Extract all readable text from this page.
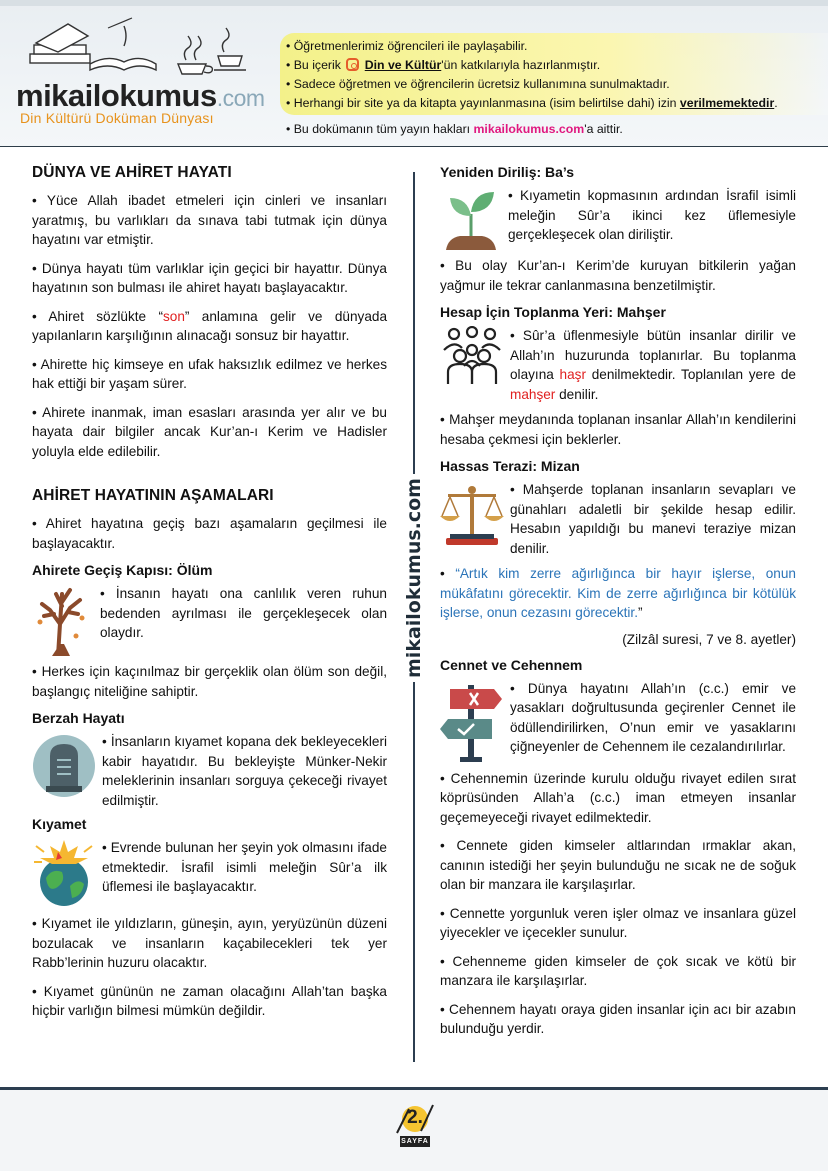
mikailokumus.com
Din Kültürü Doküman Dünyası
• Öğretmenlerimiz öğrencileri ile paylaşabilir.
• Bu içerik  Din ve Kültür'ün katkılarıyla hazırlanmıştır.
• Sadece öğretmen ve öğrencilerin ücretsiz kullanımına sunulmaktadır.
• Herhangi bir site ya da kitapta yayınlanmasına (isim belirtilse dahi) izin verilmemektedir.
• Bu dokümanın tüm yayın hakları mikailokumus.com'a aittir.
mikailokumus.com
DÜNYA VE AHİRET HAYATI

• Yüce Allah ibadet etmeleri için cinleri ve insanları yaratmış, bu varlıkları da sınava tabi tutmak için dünya hayatını var etmiştir.

• Dünya hayatı tüm varlıklar için geçici bir hayattır. Dünya hayatının son bulması ile ahiret hayatı başlayacaktır.

• Ahiret sözlükte “son” anlamına gelir ve dünyada yapılanların karşılığının alınacağı sonsuz bir hayattır.

• Ahirette hiç kimseye en ufak haksızlık edilmez ve herkes hak ettiği bir yaşam sürer.

• Ahirete inanmak, iman esasları arasında yer alır ve bu hayata dair bilgiler ancak Kur’an-ı Kerim ve Hadisler yoluyla elde edilebilir.

AHİRET HAYATININ AŞAMALARI

• Ahiret hayatına geçiş bazı aşamaların geçilmesi ile başlayacaktır.

Ahirete Geçiş Kapısı: Ölüm

• İnsanın hayatı ona canlılık veren ruhun bedenden ayrılması ile gerçekleşecek olan olaydır.

• Herkes için kaçınılmaz bir gerçeklik olan ölüm son değil, başlangıç niteliğine sahiptir.

Berzah Hayatı

• İnsanların kıyamet kopana dek bekleyecekleri kabir hayatıdır. Bu bekleyişte Münker-Nekir meleklerinin insanları sorguya çekeceği rivayet edilmiştir.

Kıyamet

• Evrende bulunan her şeyin yok olmasını ifade etmektedir. İsrafil isimli meleğin Sûr’a ilk üflemesi ile başlayacaktır.

• Kıyamet ile yıldızların, güneşin, ayın, yeryüzünün düzeni bozulacak ve insanların kaçabilecekleri tek yer Rabb’lerinin huzuru olacaktır.

• Kıyamet gününün ne zaman olacağını Allah’tan başka hiçbir varlığın bilmesi mümkün değildir.

Yeniden Diriliş: Ba’s

• Kıyametin kopmasının ardından İsrafil isimli meleğin Sûr’a ikinci kez üflemesiyle gerçekleşecek olan diriliştir.

• Bu olay Kur’an-ı Kerim’de kuruyan bitkilerin yağan yağmur ile tekrar canlanmasına benzetilmiştir.

Hesap İçin Toplanma Yeri: Mahşer

• Sûr’a üflenmesiyle bütün insanlar dirilir ve Allah’ın huzurunda toplanırlar. Bu toplanma olayına haşr denilmektedir. Toplanılan yere de mahşer denilir.

• Mahşer meydanında toplanan insanlar Allah’ın kendilerini hesaba çekmesi için beklerler.

Hassas Terazi: Mizan

• Mahşerde toplanan insanların sevapları ve günahları adaletli bir şekilde hesap edilir. Hesabın yapıldığı bu manevi teraziye mizan denilir.

• “Artık kim zerre ağırlığınca bir hayır işlerse, onun mükâfatını görecektir. Kim de zerre ağırlığınca bir kötülük işlerse, onun cezasını görecektir.”

(Zilzâl suresi, 7 ve 8. ayetler)

Cennet ve Cehennem

• Dünya hayatını Allah’ın (c.c.) emir ve yasakları doğrultusunda geçirenler Cennet ile ödüllendirilirken, O’nun emir ve yasaklarını çiğneyenler de Cehennem ile cezalandırılırlar.

• Cehennemin üzerinde kurulu olduğu rivayet edilen sırat köprüsünden Allah’a (c.c.) iman etmeyen insanlar geçemeyeceği rivayet edilmektedir.

• Cennete giden kimseler altlarından ırmaklar akan, canının istediği her şeyin bulunduğu ne sıcak ne de soğuk olan bir manzara ile karşılaşırlar.

• Cennette yorgunluk veren işler olmaz ve insanlara güzel yiyecekler ve içecekler sunulur.

• Cehenneme giden kimseler de çok sıcak ve kötü bir manzara ile karşılaşırlar.

• Cehennem hayatı oraya giden insanlar için acı bir azabın bulunduğu yerdir.

2.
SAYFA
